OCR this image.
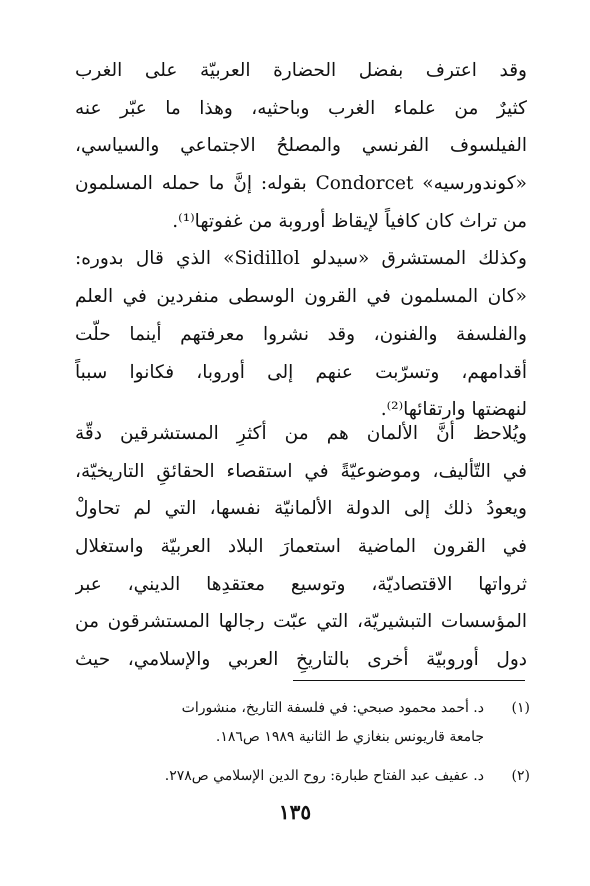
وقد اعترف بفضل الحضارة العربيّة على الغرب
كثيرٌ من علماء الغرب وباحثيه، وهذا ما عبّر عنه
الفيلسوف الفرنسي والمصلحُ الاجتماعي والسياسي،
«كوندورسيه» Condorcet بقوله: إنَّ ما حمله المسلمون
من تراث كان كافياً لإيقاظ أوروبة من غفوتها⁽¹⁾.
وكذلك المستشرق «سيدلو Sidillol» الذي قال بدوره:
«كان المسلمون في القرون الوسطى منفردين في العلم
والفلسفة والفنون، وقد نشروا معرفتهم أينما حلّت
أقدامهم، وتسرّبت عنهم إلى أوروبا، فكانوا سبباً
لنهضتها وارتقائها⁽²⁾.
ويُلاحظ أنَّ الألمان هم من أكثرِ المستشرقين دقّة
في التّأليف، وموضوعيّةً في استقصاء الحقائقِ التاريخيّة،
ويعودُ ذلك إلى الدولة الألمانيّة نفسها، التي لم تحاولْ
في القرون الماضية استعمارَ البلاد العربيّة واستغلال
ثرواتها الاقتصاديّة، وتوسيع معتقدِها الديني، عبر
المؤسسات التبشيريّة، التي عبّت رجالها المستشرقون من
دول أوروبيّة أخرى بالتاريخِ العربي والإسلامي، حيث
(١)
د. أحمد محمود صبحي: في فلسفة التاريخ، منشورات
جامعة قاريونس بنغازي ط الثانية ١٩٨٩ ص١٨٦.
(٢)
د. عفيف عبد الفتاح طبارة: روح الدين الإسلامي ص٢٧٨.
١٣٥
